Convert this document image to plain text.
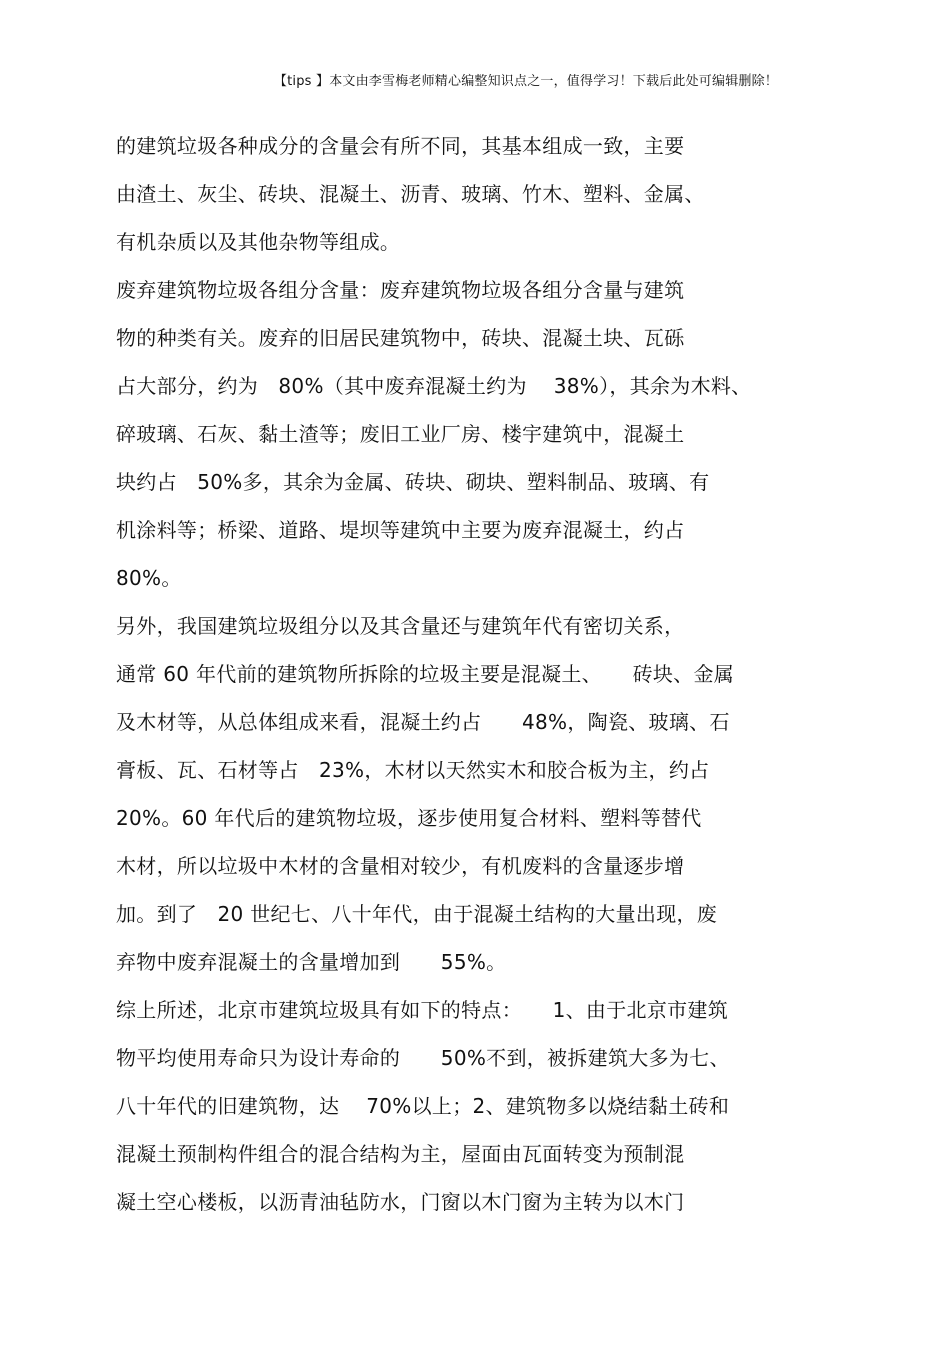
【tips 】本文由李雪梅老师精心编整知识点之一，值得学习！下载后此处可编辑删除！
的建筑垃圾各种成分的含量会有所不同，其基本组成一致，主要
由渣土、灰尘、砖块、混凝土、沥青、玻璃、竹木、塑料、金属、
有机杂质以及其他杂物等组成。
废弃建筑物垃圾各组分含量：废弃建筑物垃圾各组分含量与建筑
物的种类有关。废弃的旧居民建筑物中，砖块、混凝土块、瓦砾
占大部分，约为　80%（其中废弃混凝土约为　 38%），其余为木料、
碎玻璃、石灰、黏土渣等；废旧工业厂房、楼宇建筑中，混凝土
块约占　50%多，其余为金属、砖块、砌块、塑料制品、玻璃、有
机涂料等；桥梁、道路、堤坝等建筑中主要为废弃混凝土，约占
80%。
另外，我国建筑垃圾组分以及其含量还与建筑年代有密切关系，
通常 60 年代前的建筑物所拆除的垃圾主要是混凝土、　　砖块、金属
及木材等，从总体组成来看，混凝土约占　　48%，陶瓷、玻璃、石
膏板、瓦、石材等占　23%，木材以天然实木和胶合板为主，约占
20%。60 年代后的建筑物垃圾，逐步使用复合材料、塑料等替代
木材，所以垃圾中木材的含量相对较少，有机废料的含量逐步增
加。到了　20 世纪七、八十年代，由于混凝土结构的大量出现，废
弃物中废弃混凝土的含量增加到　　55%。
综上所述，北京市建筑垃圾具有如下的特点：　　1、由于北京市建筑
物平均使用寿命只为设计寿命的　　50%不到，被拆建筑大多为七、
八十年代的旧建筑物，达　 70%以上；2、建筑物多以烧结黏土砖和
混凝土预制构件组合的混合结构为主，屋面由瓦面转变为预制混
凝土空心楼板，以沥青油毡防水，门窗以木门窗为主转为以木门
